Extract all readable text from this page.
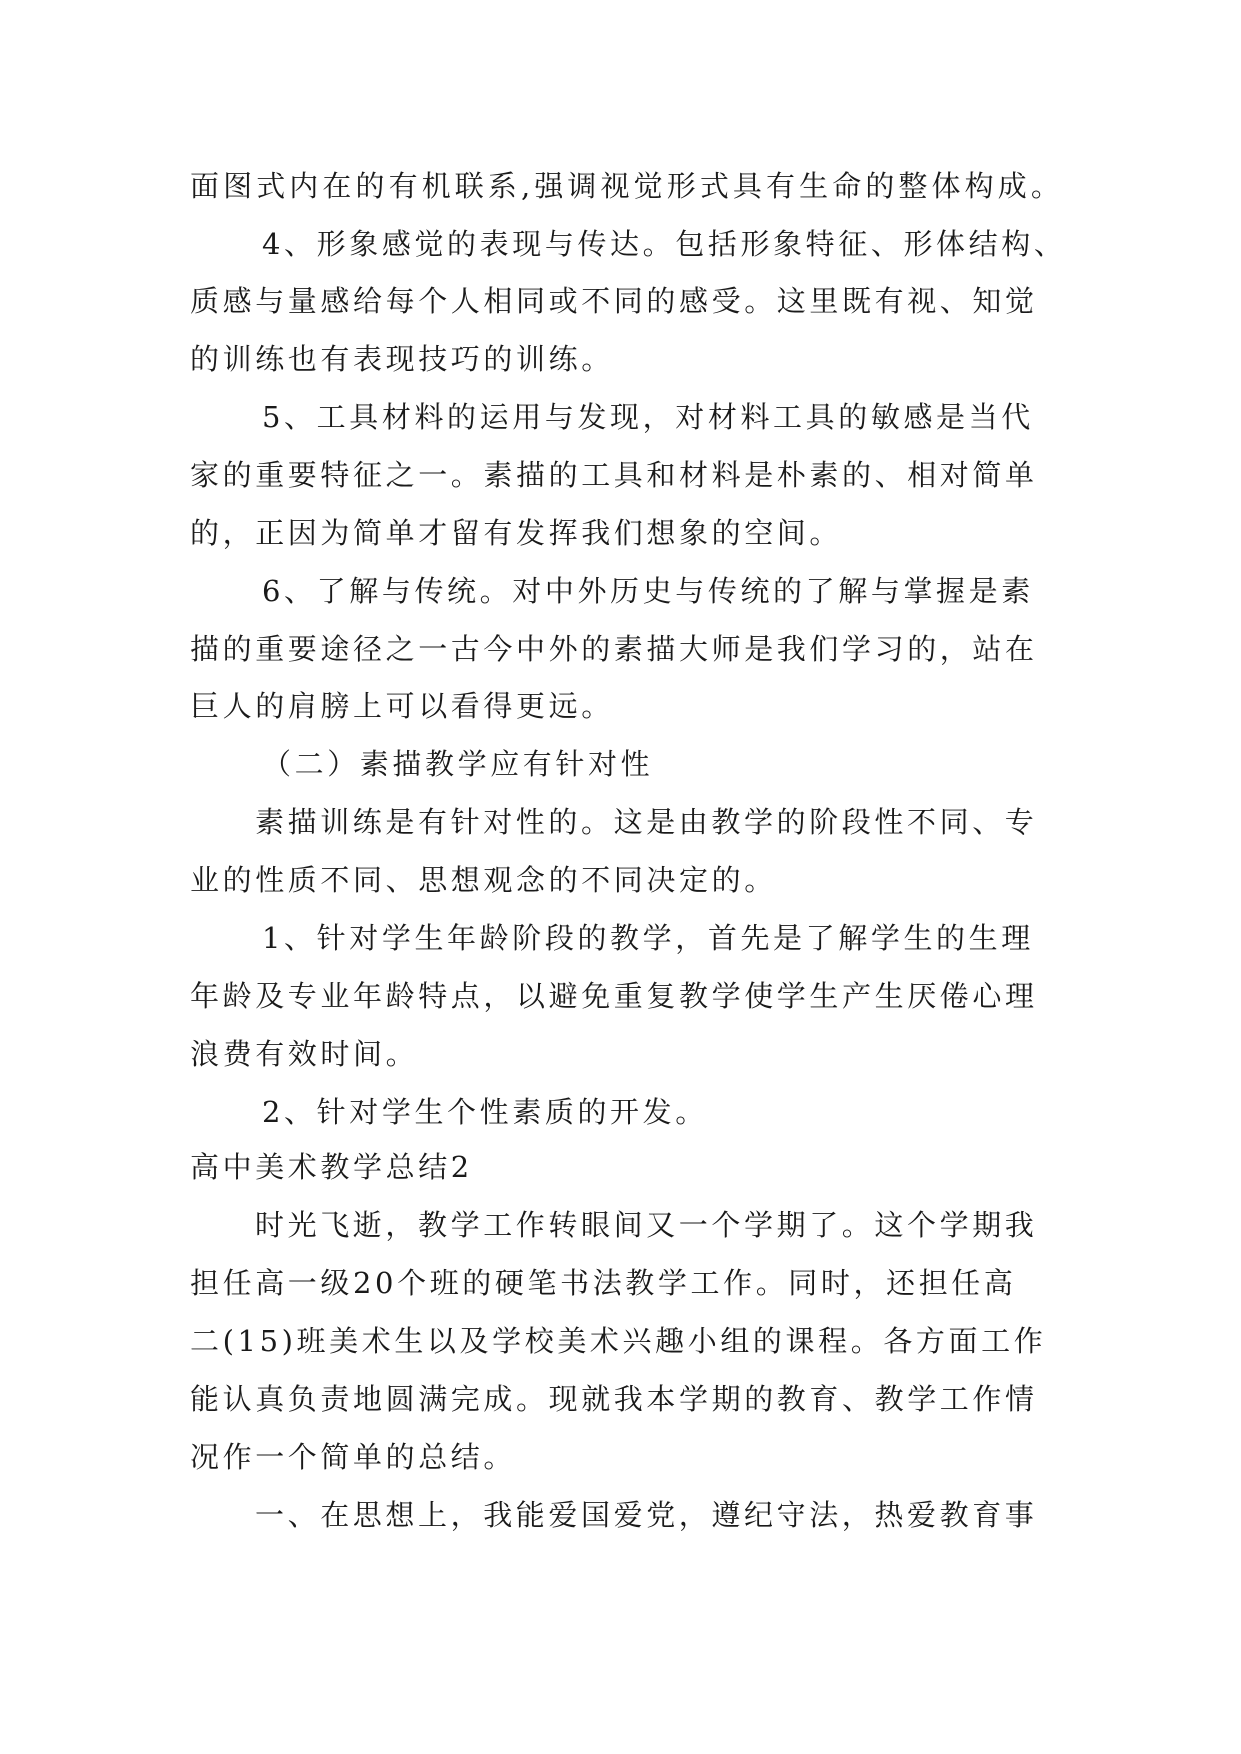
面图式内在的有机联系,强调视觉形式具有生命的整体构成。
4、形象感觉的表现与传达。包括形象特征、形体结构、
质感与量感给每个人相同或不同的感受。这里既有视、知觉
的训练也有表现技巧的训练。
5、工具材料的运用与发现，对材料工具的敏感是当代
家的重要特征之一。素描的工具和材料是朴素的、相对简单
的，正因为简单才留有发挥我们想象的空间。
6、了解与传统。对中外历史与传统的了解与掌握是素
描的重要途径之一古今中外的素描大师是我们学习的，站在
巨人的肩膀上可以看得更远。
（二）素描教学应有针对性
素描训练是有针对性的。这是由教学的阶段性不同、专
业的性质不同、思想观念的不同决定的。
1、针对学生年龄阶段的教学，首先是了解学生的生理
年龄及专业年龄特点，以避免重复教学使学生产生厌倦心理
浪费有效时间。
2、针对学生个性素质的开发。
高中美术教学总结2
时光飞逝，教学工作转眼间又一个学期了。这个学期我
担任高一级20个班的硬笔书法教学工作。同时，还担任高
二(15)班美术生以及学校美术兴趣小组的课程。各方面工作
能认真负责地圆满完成。现就我本学期的教育、教学工作情
况作一个简单的总结。
一、在思想上，我能爱国爱党，遵纪守法，热爱教育事
